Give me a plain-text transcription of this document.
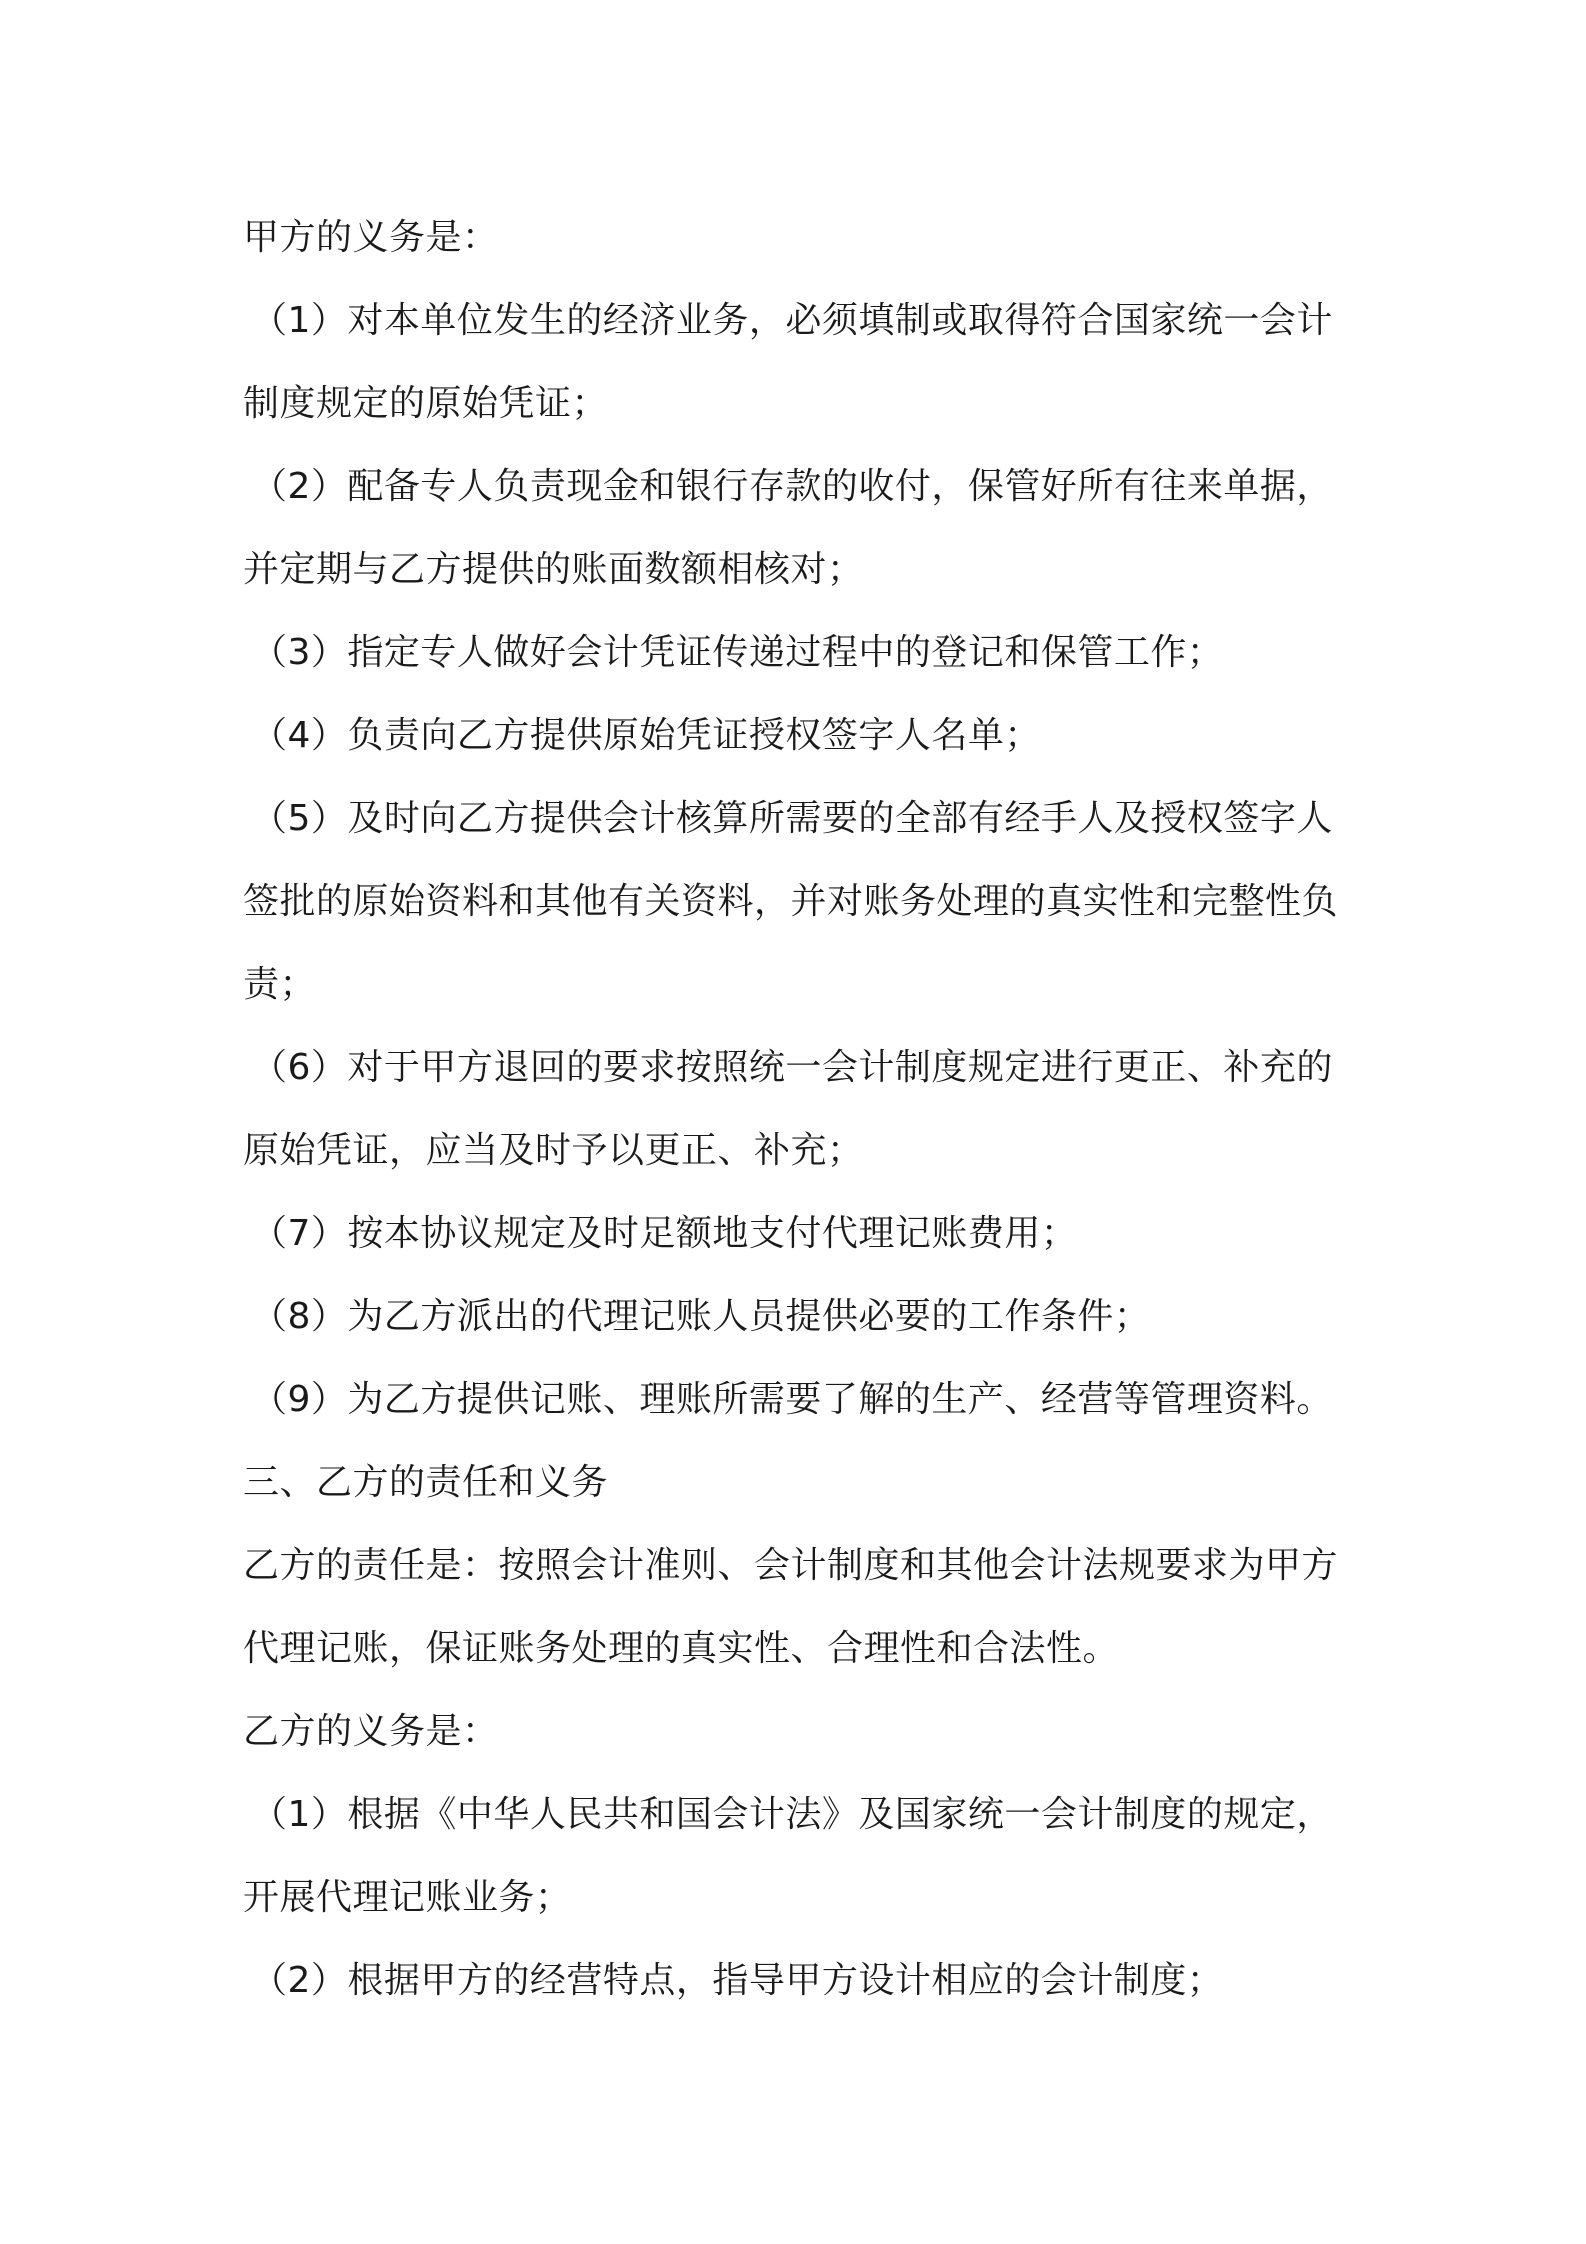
甲方的义务是：
（1）对本单位发生的经济业务，必须填制或取得符合国家统一会计
制度规定的原始凭证；
（2）配备专人负责现金和银行存款的收付，保管好所有往来单据，
并定期与乙方提供的账面数额相核对；
（3）指定专人做好会计凭证传递过程中的登记和保管工作；
（4）负责向乙方提供原始凭证授权签字人名单；
（5）及时向乙方提供会计核算所需要的全部有经手人及授权签字人
签批的原始资料和其他有关资料，并对账务处理的真实性和完整性负
责；
（6）对于甲方退回的要求按照统一会计制度规定进行更正、补充的
原始凭证，应当及时予以更正、补充；
（7）按本协议规定及时足额地支付代理记账费用；
（8）为乙方派出的代理记账人员提供必要的工作条件；
（9）为乙方提供记账、理账所需要了解的生产、经营等管理资料。
三、乙方的责任和义务
乙方的责任是：按照会计准则、会计制度和其他会计法规要求为甲方
代理记账，保证账务处理的真实性、合理性和合法性。
乙方的义务是：
（1）根据《中华人民共和国会计法》及国家统一会计制度的规定，
开展代理记账业务；
（2）根据甲方的经营特点，指导甲方设计相应的会计制度；
